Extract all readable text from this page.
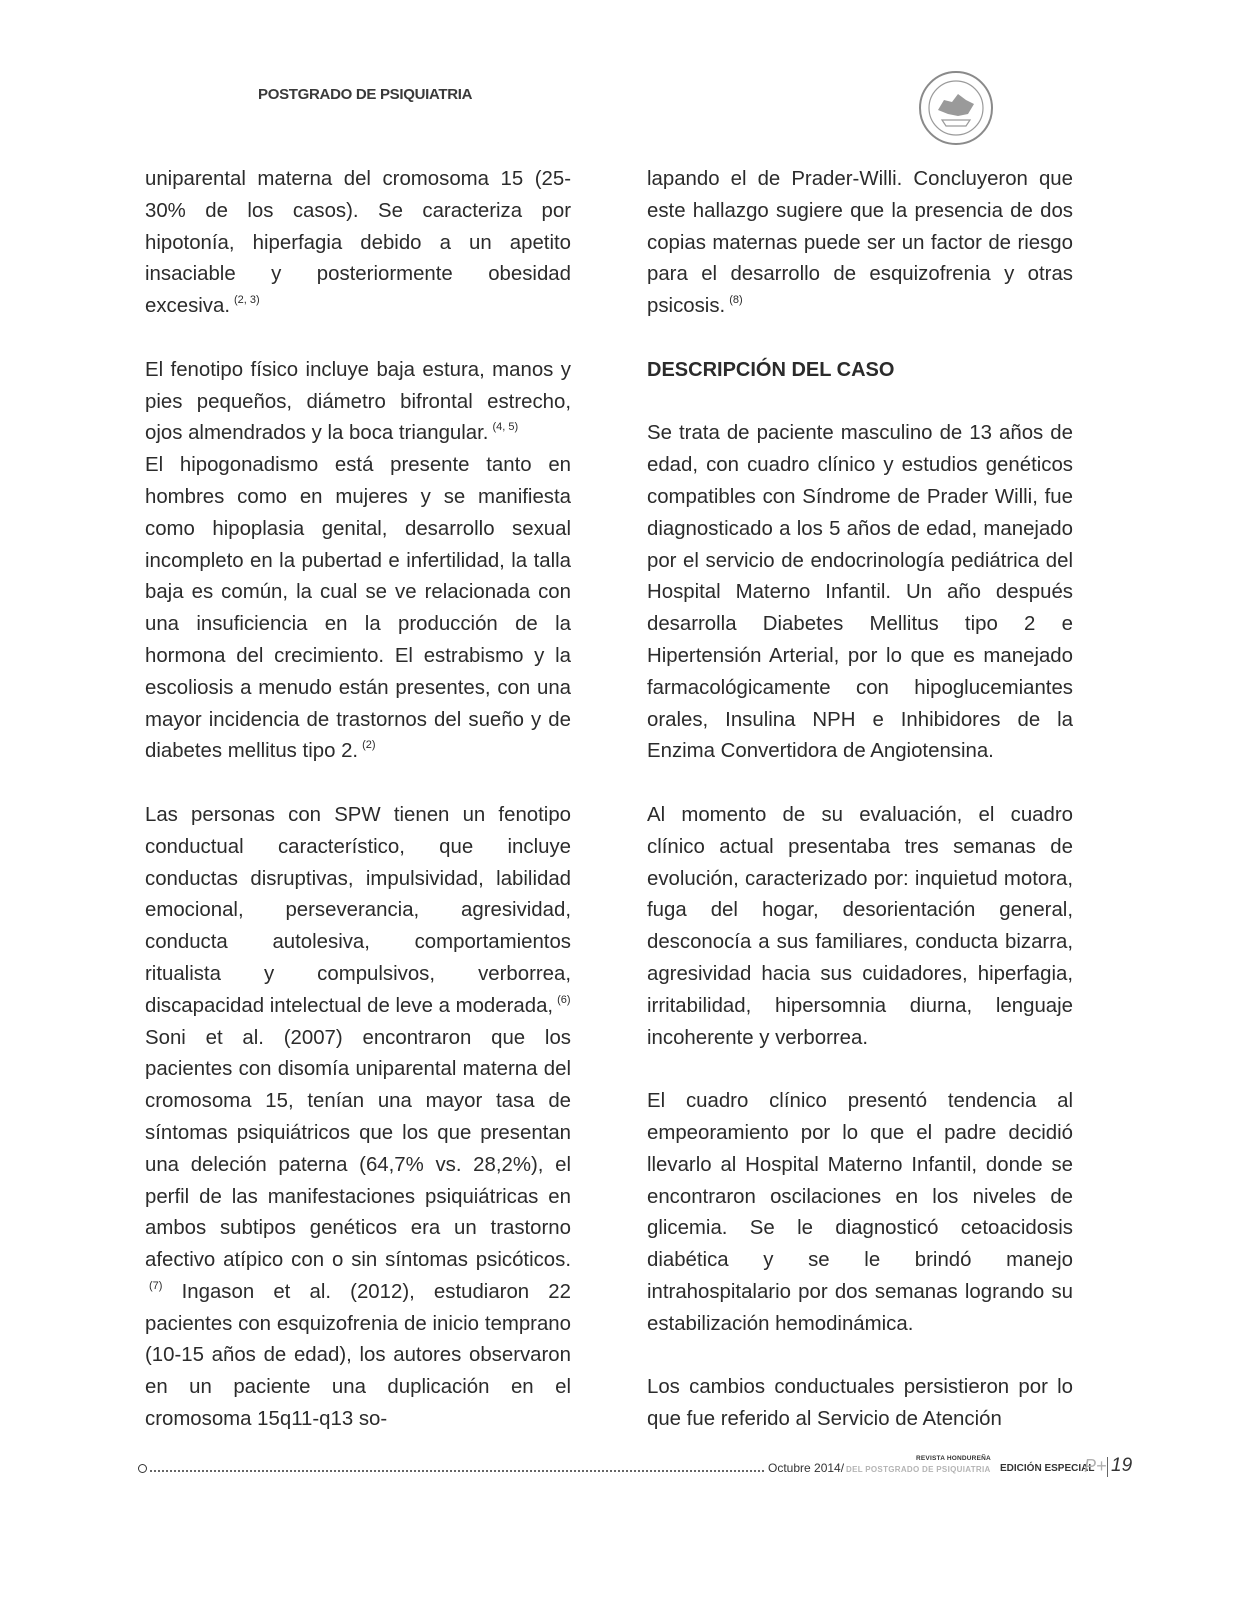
POSTGRADO DE PSIQUIATRIA

uniparental materna del cromosoma 15 (25-30% de los casos). Se caracteriza por hipotonía, hiperfagia debido a un apetito insaciable y posteriormente obesidad excesiva. $^{(2, 3)}$

El fenotipo físico incluye baja estura, manos y pies pequeños, diámetro bifrontal estrecho, ojos almendrados y la boca triangular. $^{(4, 5)}$

El hipogonadismo está presente tanto en hombres como en mujeres y se manifiesta como hipoplasia genital, desarrollo sexual incompleto en la pubertad e infertilidad, la talla baja es común, la cual se ve relacionada con una insuficiencia en la producción de la hormona del crecimiento. El estrabismo y la escoliosis a menudo están presentes, con una mayor incidencia de trastornos del sueño y de diabetes mellitus tipo 2. $^{(2)}$

Las personas con SPW tienen un fenotipo conductual característico, que incluye conductas disruptivas, impulsividad, labilidad emocional, perseverancia, agresividad, conducta autolesiva, comportamientos ritualista y compulsivos, verborrea, discapacidad intelectual de leve a moderada, $^{(6)}$

Soni et al. (2007) encontraron que los pacientes con disomía uniparental materna del cromosoma 15, tenían una mayor tasa de síntomas psiquiátricos que los que presentan una deleción paterna (64,7% vs. 28,2%), el perfil de las manifestaciones psiquiátricas en ambos subtipos genéticos era un trastorno afectivo atípico con o sin síntomas psicóticos.$^{(7)}$ Ingason et al. (2012), estudiaron 22 pacientes con esquizofrenia de inicio temprano (10-15 años de edad), los autores observaron en un paciente una duplicación en el cromosoma 15q11-q13 so-

lapando el de Prader-Willi. Concluyeron que este hallazgo sugiere que la presencia de dos copias maternas puede ser un factor de riesgo para el desarrollo de esquizofrenia y otras psicosis. $^{(8)}$

DESCRIPCIÓN DEL CASO

Se trata de paciente masculino de 13 años de edad, con cuadro clínico y estudios genéticos compatibles con Síndrome de Prader Willi, fue diagnosticado a los 5 años de edad, manejado por el servicio de endocrinología pediátrica del Hospital Materno Infantil. Un año después desarrolla Diabetes Mellitus tipo 2 e Hipertensión Arterial, por lo que es manejado farmacológicamente con hipoglucemiantes orales, Insulina NPH e Inhibidores de la Enzima Convertidora de Angiotensina.

Al momento de su evaluación, el cuadro clínico actual presentaba tres semanas de evolución, caracterizado por: inquietud motora, fuga del hogar, desorientación general, desconocía a sus familiares, conducta bizarra, agresividad hacia sus cuidadores, hiperfagia, irritabilidad, hipersomnia diurna, lenguaje incoherente y verborrea.

El cuadro clínico presentó tendencia al empeoramiento por lo que el padre decidió llevarlo al Hospital Materno Infantil, donde se encontraron oscilaciones en los niveles de glicemia. Se le diagnosticó cetoacidosis diabética y se le brindó manejo intrahospitalario por dos semanas logrando su estabilización hemodinámica.

Los cambios conductuales persistieron por lo que fue referido al Servicio de Atención

Octubre 2014/
REVISTA HONDUREÑA
DEL POSTGRADO DE PSIQUIATRIA EDICIÓN ESPECIAL
P+ 19
